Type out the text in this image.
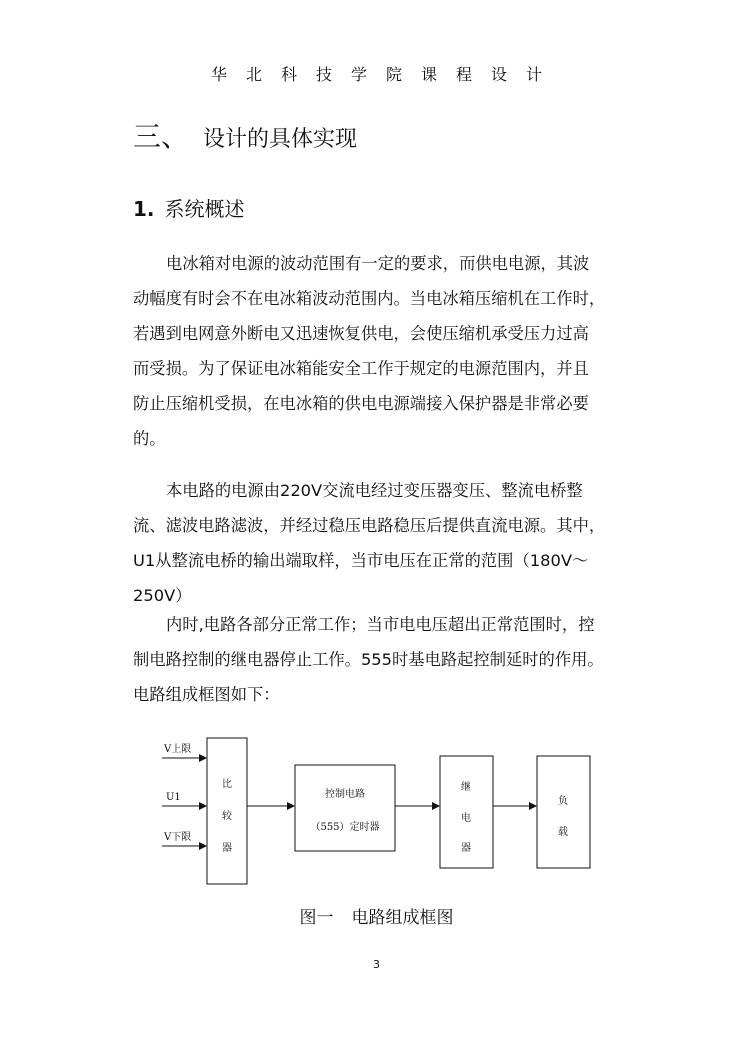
华北科技学院课程设计
三、 设计的具体实现
1. 系统概述

电冰箱对电源的波动范围有一定的要求，而供电电源，其波
动幅度有时会不在电冰箱波动范围内。当电冰箱压缩机在工作时，
若遇到电网意外断电又迅速恢复供电，会使压缩机承受压力过高
而受损。为了保证电冰箱能安全工作于规定的电源范围内，并且
防止压缩机受损，在电冰箱的供电电源端接入保护器是非常必要
的。

本电路的电源由220V交流电经过变压器变压、整流电桥整
流、滤波电路滤波，并经过稳压电路稳压后提供直流电源。其中，
U1从整流电桥的输出端取样，当市电压在正常的范围（180V～
250V）

内时,电路各部分正常工作；当市电电压超出正常范围时，控
制电路控制的继电器停止工作。555时基电路起控制延时的作用。
电路组成框图如下：

V上限
U1
V下限
比
较
器
控制电路
（555）定时器
继
电
器
负
载
图一 电路组成框图
3
